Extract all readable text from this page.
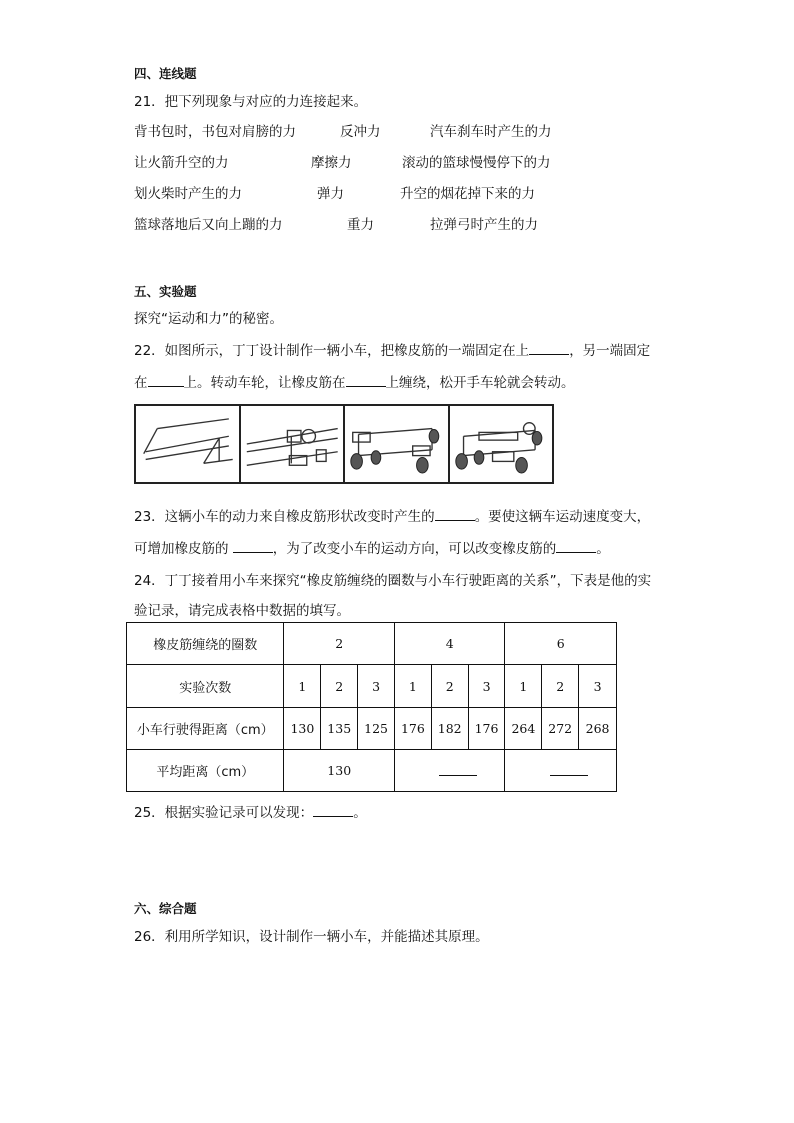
四、连线题
21．把下列现象与对应的力连接起来。
背书包时，书包对肩膀的力	反冲力	汽车刹车时产生的力
让火箭升空的力	摩擦力	滚动的篮球慢慢停下的力
划火柴时产生的力	弹力	升空的烟花掉下来的力
篮球落地后又向上蹦的力	重力	拉弹弓时产生的力
五、实验题
探究“运动和力”的秘密。
22．如图所示，丁丁设计制作一辆小车，把橡皮筋的一端固定在上	，另一端固定
在	上。转动车轮，让橡皮筋在	上缠绕，松开手车轮就会转动。
23．这辆小车的动力来自橡皮筋形状改变时产生的	。要使这辆车运动速度变大，
可增加橡皮筋的	，为了改变小车的运动方向，可以改变橡皮筋的	。
24．丁丁接着用小车来探究“橡皮筋缠绕的圈数与小车行驶距离的关系”，下表是他的实
验记录，请完成表格中数据的填写。
橡皮筋缠绕的圈数	2			4			6		
实验次数	1	2	3	1	2	3	1	2	3
小车行驶得距离（cm）	130	135	125	176	182	176	264	272	268
平均距离（cm）	130								
25．根据实验记录可以发现：	。
六、综合题
26．利用所学知识，设计制作一辆小车，并能描述其原理。
